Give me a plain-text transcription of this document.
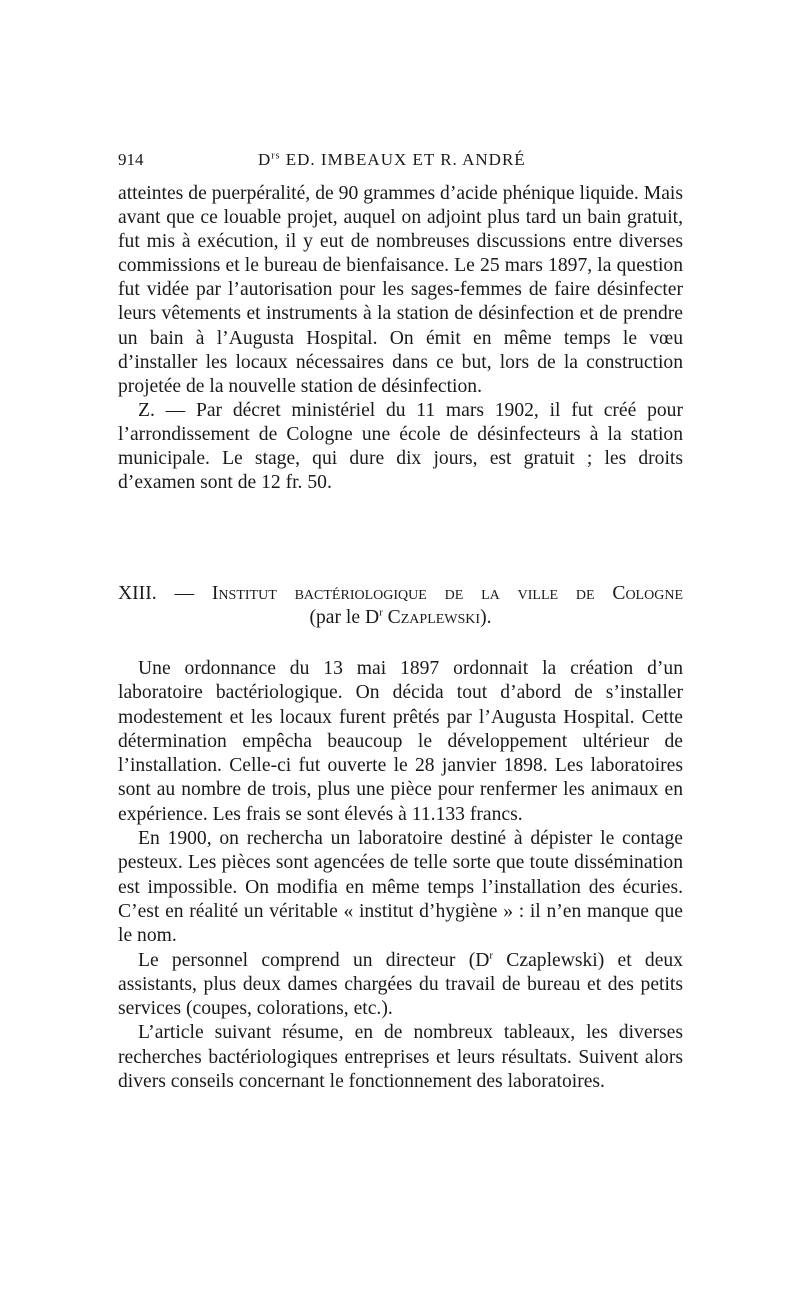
914	$D^{rs}$ ED. IMBEAUX ET R. ANDRÉ

atteintes de puerpéralité, de 90 grammes d’acide phénique liquide. Mais avant que ce louable projet, auquel on adjoint plus tard un bain gratuit, fut mis à exécution, il y eut de nombreuses discussions entre diverses commissions et le bureau de bienfaisance. Le 25 mars 1897, la question fut vidée par l’autorisation pour les sages-femmes de faire désinfecter leurs vêtements et instruments à la station de désinfection et de prendre un bain à l’Augusta Hospital. On émit en même temps le vœu d’installer les locaux nécessaires dans ce but, lors de la construction projetée de la nouvelle station de désinfection.

Z. — Par décret ministériel du 11 mars 1902, il fut créé pour l’arrondissement de Cologne une école de désinfecteurs à la station municipale. Le stage, qui dure dix jours, est gratuit ; les droits d’examen sont de 12 fr. 50.

XIII. — Institut bactériologique de la ville de Cologne
(par le $D^r$ Czaplewski).

Une ordonnance du 13 mai 1897 ordonnait la création d’un laboratoire bactériologique. On décida tout d’abord de s’installer modestement et les locaux furent prêtés par l’Augusta Hospital. Cette détermination empêcha beaucoup le développement ultérieur de l’installation. Celle-ci fut ouverte le 28 janvier 1898. Les laboratoires sont au nombre de trois, plus une pièce pour renfermer les animaux en expérience. Les frais se sont élevés à 11.133 francs.

En 1900, on rechercha un laboratoire destiné à dépister le contage pesteux. Les pièces sont agencées de telle sorte que toute dissémination est impossible. On modifia en même temps l’installation des écuries. C’est en réalité un véritable « institut d’hygiène » : il n’en manque que le nom.

Le personnel comprend un directeur ($D^r$ Czaplewski) et deux assistants, plus deux dames chargées du travail de bureau et des petits services (coupes, colorations, etc.).

L’article suivant résume, en de nombreux tableaux, les diverses recherches bactériologiques entreprises et leurs résultats. Suivent alors divers conseils concernant le fonctionnement des laboratoires.
